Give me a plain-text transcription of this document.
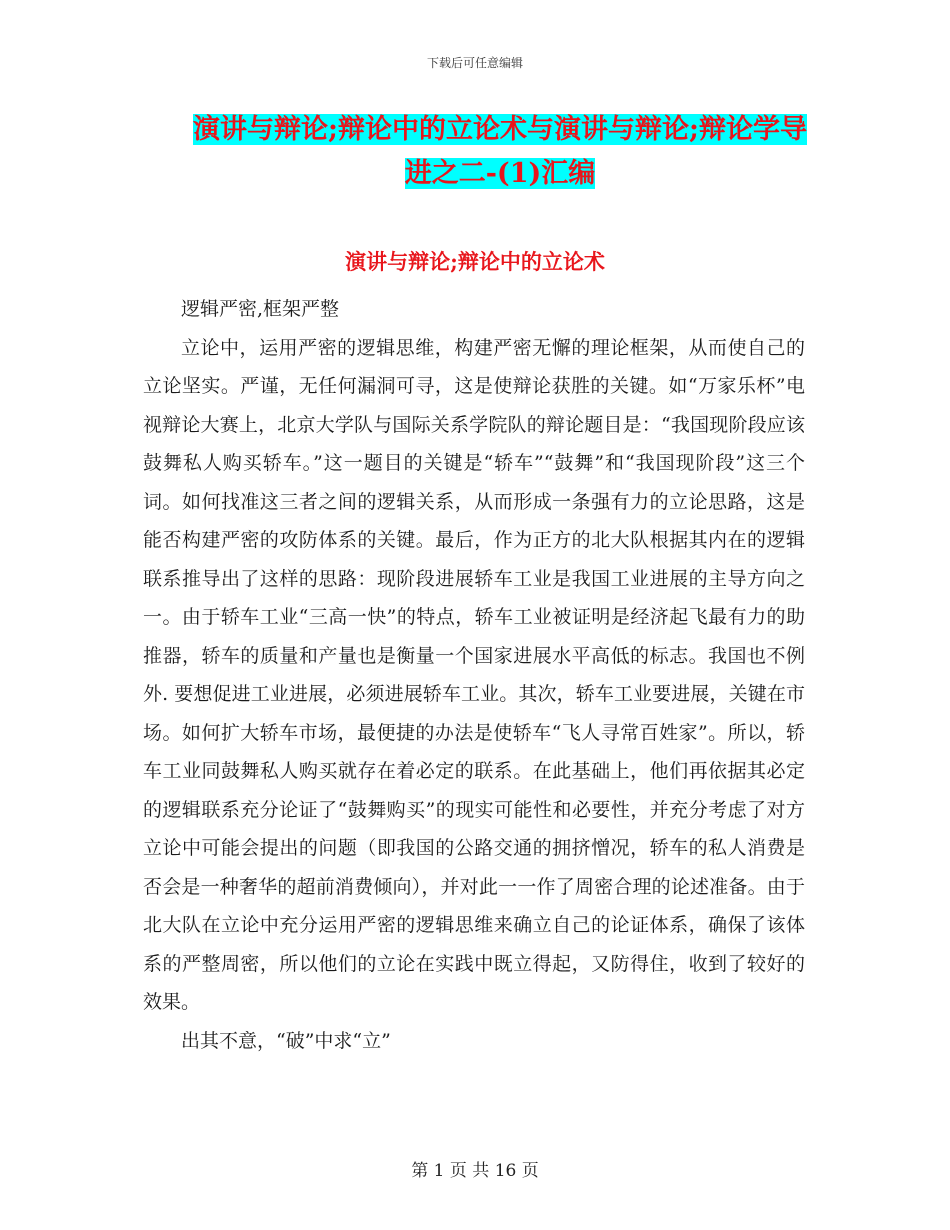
下载后可任意编辑
演讲与辩论;辩论中的立论术与演讲与辩论;辩论学导进之二-(1)汇编
演讲与辩论;辩论中的立论术

逻辑严密,框架严整

立论中，运用严密的逻辑思维，构建严密无懈的理论框架，从而使自己的立论坚实。严谨，无任何漏洞可寻，这是使辩论获胜的关键。如“万家乐杯”电视辩论大赛上，北京大学队与国际关系学院队的辩论题目是：“我国现阶段应该鼓舞私人购买轿车。”这一题目的关键是“轿车”“鼓舞”和“我国现阶段”这三个词。如何找准这三者之间的逻辑关系，从而形成一条强有力的立论思路，这是能否构建严密的攻防体系的关键。最后，作为正方的北大队根据其内在的逻辑联系推导出了这样的思路：现阶段进展轿车工业是我国工业进展的主导方向之一。由于轿车工业“三高一快”的特点，轿车工业被证明是经济起飞最有力的助推器，轿车的质量和产量也是衡量一个国家进展水平高低的标志。我国也不例外. 要想促进工业进展，必须进展轿车工业。其次，轿车工业要进展，关键在市场。如何扩大轿车市场，最便捷的办法是使轿车“飞人寻常百姓家”。所以，轿车工业同鼓舞私人购买就存在着必定的联系。在此基础上，他们再依据其必定的逻辑联系充分论证了“鼓舞购买”的现实可能性和必要性，并充分考虑了对方立论中可能会提出的问题（即我国的公路交通的拥挤憎况，轿车的私人消费是否会是一种奢华的超前消费倾向），并对此一一作了周密合理的论述准备。由于北大队在立论中充分运用严密的逻辑思维来确立自己的论证体系，确保了该体系的严整周密，所以他们的立论在实践中既立得起，又防得住，收到了较好的效果。

出其不意，“破”中求“立”

第 1 页 共 16 页
